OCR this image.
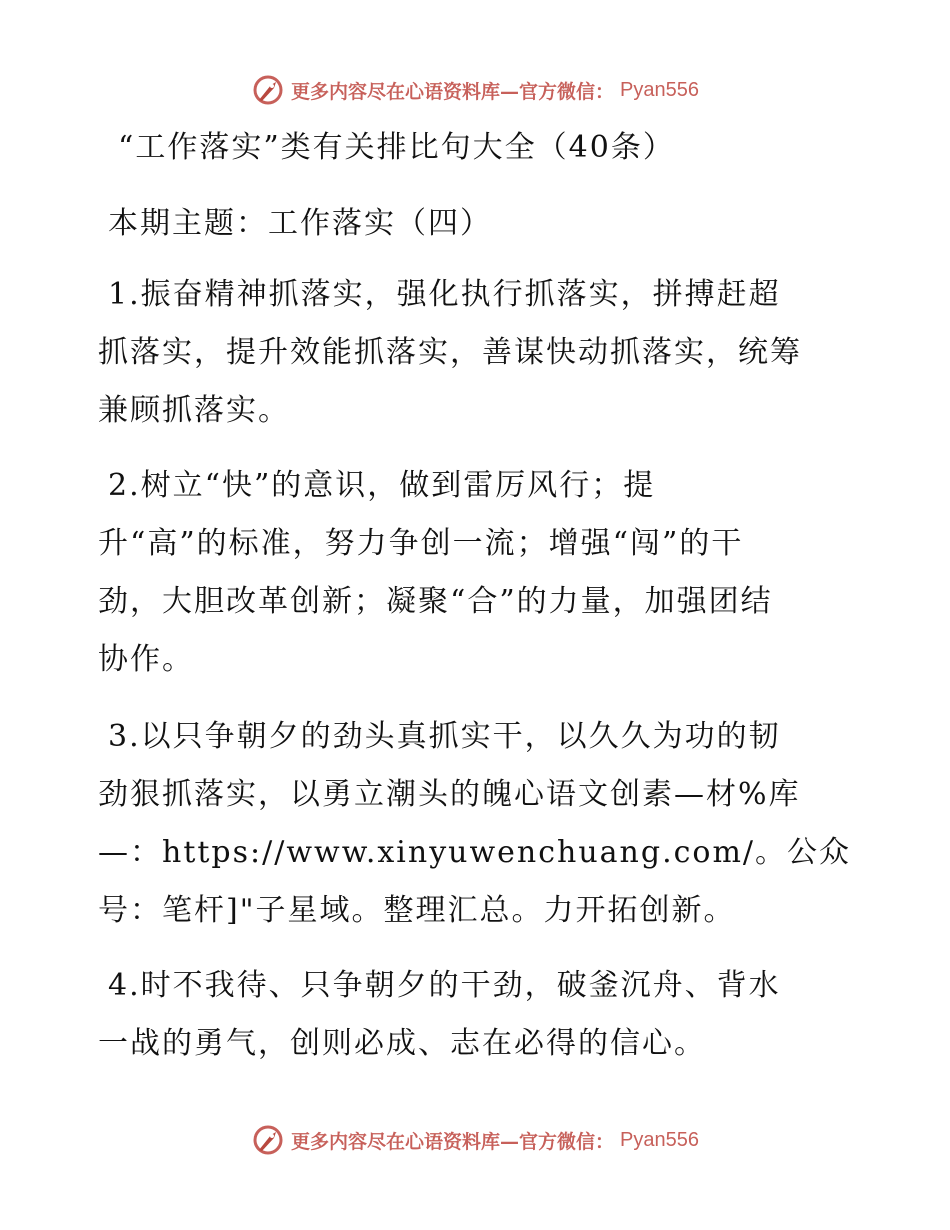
更多内容尽在心语资料库—官方微信： Pyan556
“工作落实”类有关排比句大全（40条）
本期主题：工作落实（四）
1.振奋精神抓落实，强化执行抓落实，拼搏赶超
抓落实，提升效能抓落实，善谋快动抓落实，统筹
兼顾抓落实。
2.树立“快”的意识，做到雷厉风行；提
升“高”的标准，努力争创一流；增强“闯”的干
劲，大胆改革创新；凝聚“合”的力量，加强团结
协作。
3.以只争朝夕的劲头真抓实干，以久久为功的韧
劲狠抓落实，以勇立潮头的魄心语文创素—材%库
—：https://www.xinyuwenchuang.com/。公众
号：笔杆]"子星域。整理汇总。力开拓创新。
4.时不我待、只争朝夕的干劲，破釜沉舟、背水
一战的勇气，创则必成、志在必得的信心。
更多内容尽在心语资料库—官方微信： Pyan556
